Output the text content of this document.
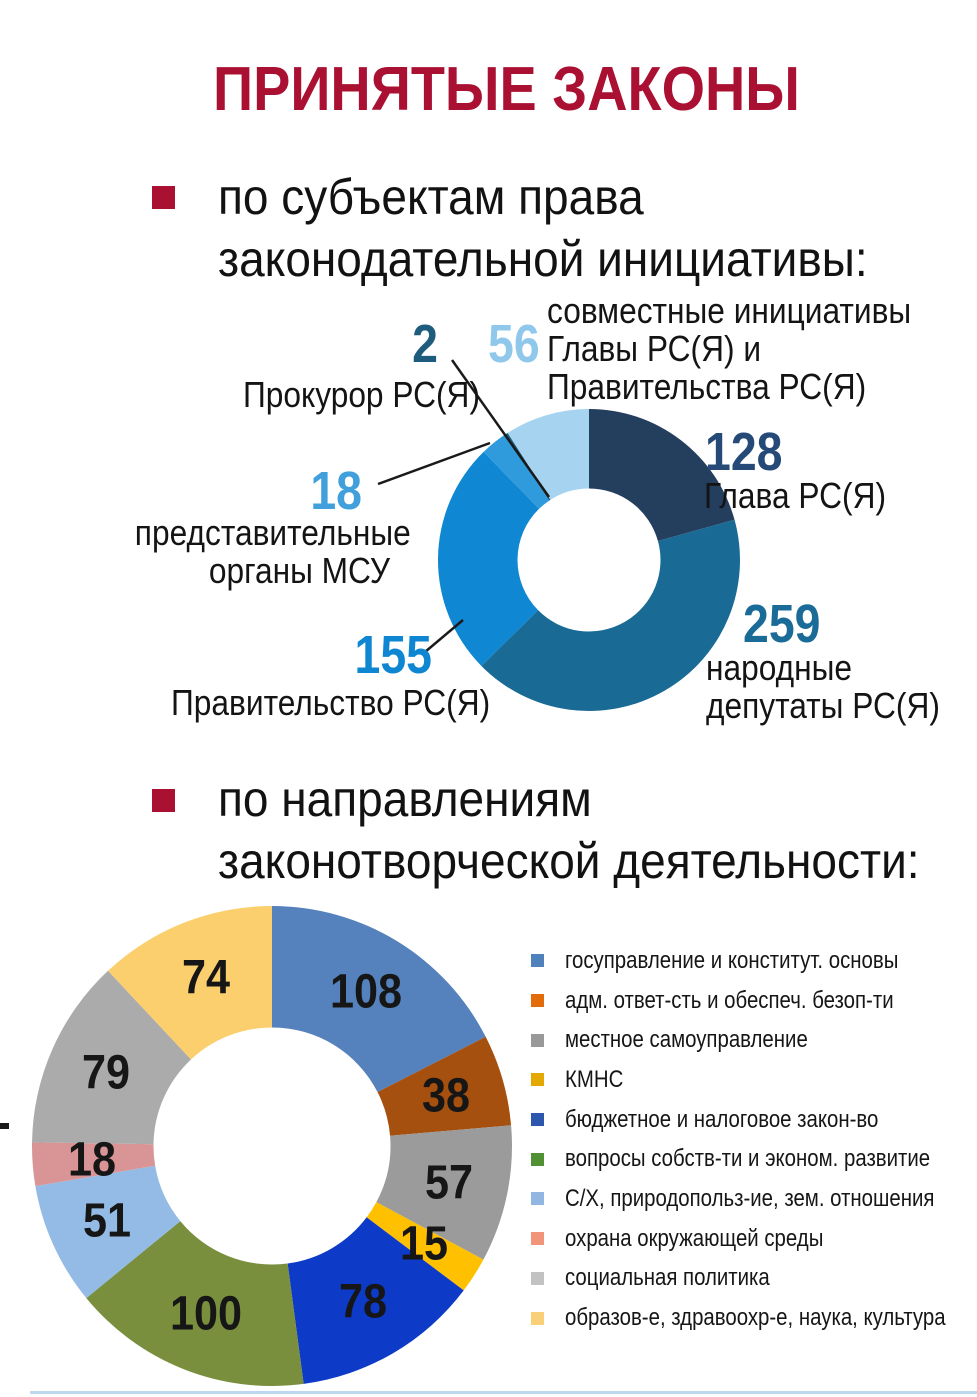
ПРИНЯТЫЕ ЗАКОНЫ
по субъектам права
законодательной инициативы:
128
Глава РС(Я)
259
народные
депутаты РС(Я)
155
Правительство РС(Я)
18
представительные
органы МСУ
2
Прокурор РС(Я)
56
совместные инициативы
Главы РС(Я) и
Правительства РС(Я)
по направлениям
законотворческой деятельности:
108
38
57
15
78
100
51
18
79
74	госуправление и конститут. основы
адм. ответ-сть и обеспеч. безоп-ти
местное самоуправление
КМНС
бюджетное и налоговое закон-во
вопросы собств-ти и эконом. развитие
С/Х, природопольз-ие, зем. отношения
охрана окружающей среды
социальная политика
образов-е, здравоохр-е, наука, культура
